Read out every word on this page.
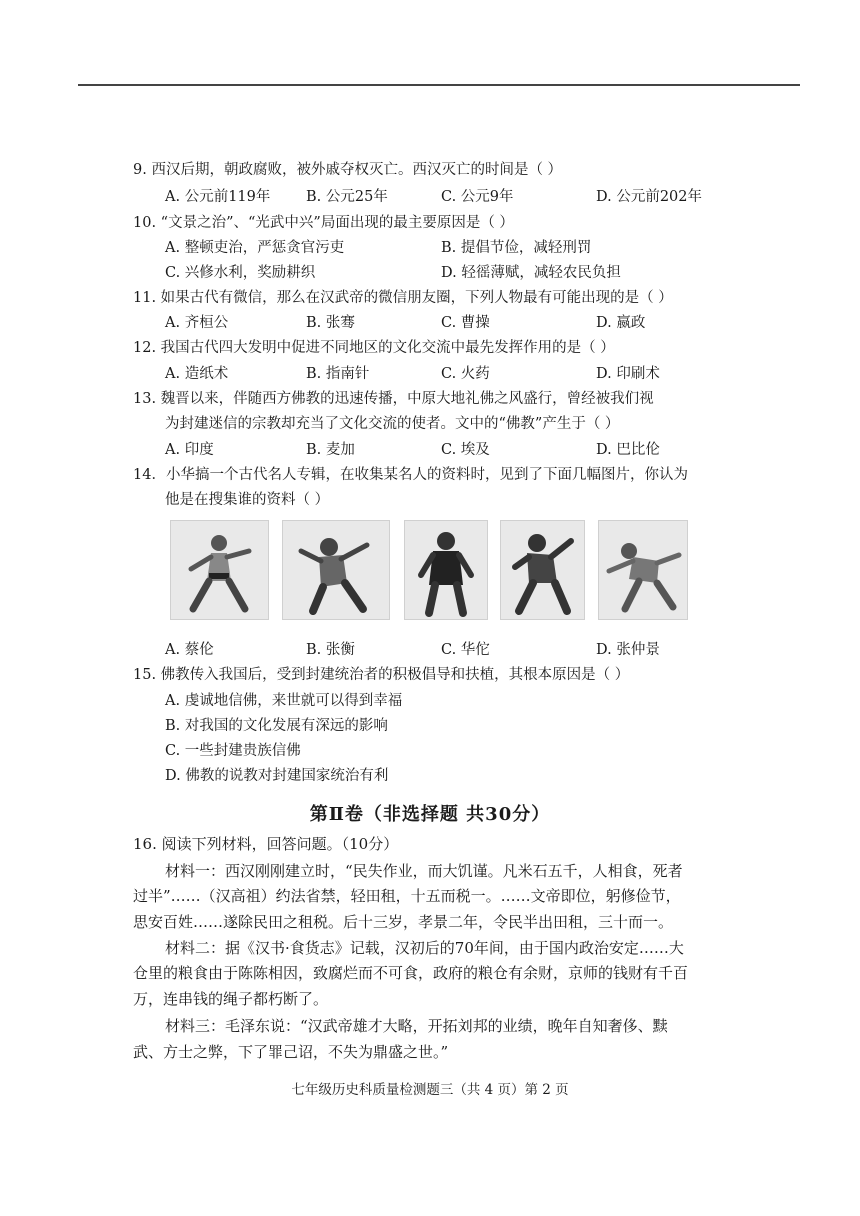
9. 西汉后期，朝政腐败，被外戚夺权灭亡。西汉灭亡的时间是（ ）
A. 公元前119年 B. 公元25年	C. 公元9年	D. 公元前202年
10. “文景之治”、“光武中兴”局面出现的最主要原因是（ ）
A. 整顿吏治，严惩贪官污吏	B. 提倡节俭，减轻刑罚
C. 兴修水利，奖励耕织	D. 轻徭薄赋，减轻农民负担
11. 如果古代有微信，那么在汉武帝的微信朋友圈，下列人物最有可能出现的是（ ）
A. 齐桓公	B. 张骞	C. 曹操	D. 嬴政
12. 我国古代四大发明中促进不同地区的文化交流中最先发挥作用的是（ ）
A. 造纸术	B. 指南针	C. 火药	D. 印刷术
13. 魏晋以来，伴随西方佛教的迅速传播，中原大地礼佛之风盛行，曾经被我们视
为封建迷信的宗教却充当了文化交流的使者。文中的“佛教”产生于（ ）
A. 印度	B. 麦加	C. 埃及	D. 巴比伦
14．小华搞一个古代名人专辑，在收集某名人的资料时，见到了下面几幅图片，你认为
他是在搜集谁的资料（ ）
A. 蔡伦	B. 张衡	C. 华佗	D. 张仲景
15. 佛教传入我国后，受到封建统治者的积极倡导和扶植，其根本原因是（ ）
A. 虔诚地信佛，来世就可以得到幸福
B. 对我国的文化发展有深远的影响
C. 一些封建贵族信佛
D. 佛教的说教对封建国家统治有利
第Ⅱ卷（非选择题 共30分）
16. 阅读下列材料，回答问题。（10分）
材料一：西汉刚刚建立时，“民失作业，而大饥谨。凡米石五千，人相食，死者
过半”……（汉高祖）约法省禁，轻田租，十五而税一。……文帝即位，躬修俭节，
思安百姓……遂除民田之租税。后十三岁，孝景二年，令民半出田租，三十而一。
材料二：据《汉书·食货志》记载，汉初后的70年间，由于国内政治安定……大
仓里的粮食由于陈陈相因，致腐烂而不可食，政府的粮仓有余财，京师的钱财有千百
万，连串钱的绳子都朽断了。
材料三：毛泽东说：“汉武帝雄才大略，开拓刘邦的业绩，晚年自知奢侈、黩
武、方士之弊，下了罪己诏，不失为鼎盛之世。”
七年级历史科质量检测题三（共 4 页）第 2 页
